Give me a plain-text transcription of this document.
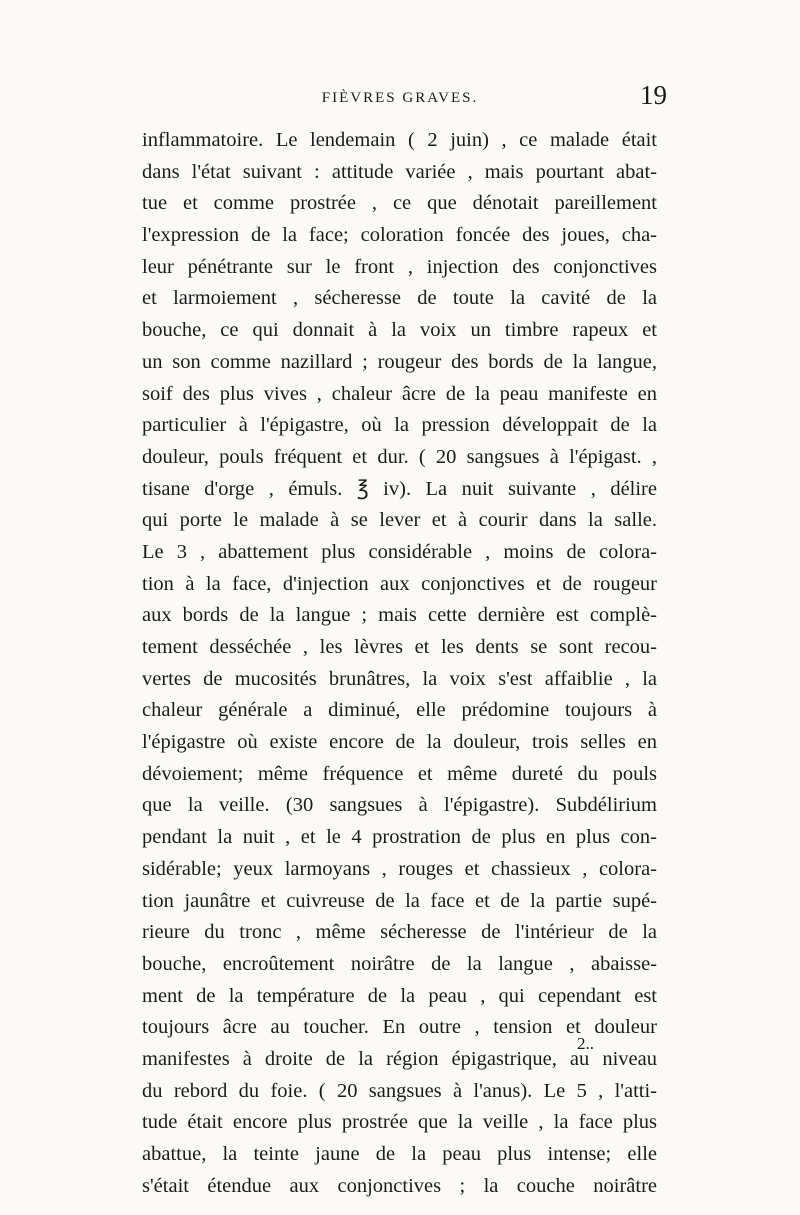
FIÈVRES GRAVES.	19
inflammatoire. Le lendemain ( 2 juin) , ce malade était
dans l'état suivant : attitude variée , mais pourtant abat-
tue et comme prostrée , ce que dénotait pareillement
l'expression de la face; coloration foncée des joues, cha-
leur pénétrante sur le front , injection des conjonctives
et larmoiement , sécheresse de toute la cavité de la
bouche, ce qui donnait à la voix un timbre rapeux et
un son comme nazillard ; rougeur des bords de la langue,
soif des plus vives , chaleur âcre de la peau manifeste en
particulier à l'épigastre, où la pression développait de la
douleur, pouls fréquent et dur. ( 20 sangsues à l'épigast. ,
tisane d'orge , émuls. ℥ iv). La nuit suivante , délire
qui porte le malade à se lever et à courir dans la salle.
Le 3 , abattement plus considérable , moins de colora-
tion à la face, d'injection aux conjonctives et de rougeur
aux bords de la langue ; mais cette dernière est complè-
tement desséchée , les lèvres et les dents se sont recou-
vertes de mucosités brunâtres, la voix s'est affaiblie , la
chaleur générale a diminué, elle prédomine toujours à
l'épigastre où existe encore de la douleur, trois selles en
dévoiement; même fréquence et même dureté du pouls
que la veille. (30 sangsues à l'épigastre). Subdélirium
pendant la nuit , et le 4 prostration de plus en plus con-
sidérable; yeux larmoyans , rouges et chassieux , colora-
tion jaunâtre et cuivreuse de la face et de la partie supé-
rieure du tronc , même sécheresse de l'intérieur de la
bouche, encroûtement noirâtre de la langue , abaisse-
ment de la température de la peau , qui cependant est
toujours âcre au toucher. En outre , tension et douleur
manifestes à droite de la région épigastrique, au niveau
du rebord du foie. ( 20 sangsues à l'anus). Le 5 , l'atti-
tude était encore plus prostrée que la veille , la face plus
abattue, la teinte jaune de la peau plus intense; elle
s'était étendue aux conjonctives ; la couche noirâtre
2..
